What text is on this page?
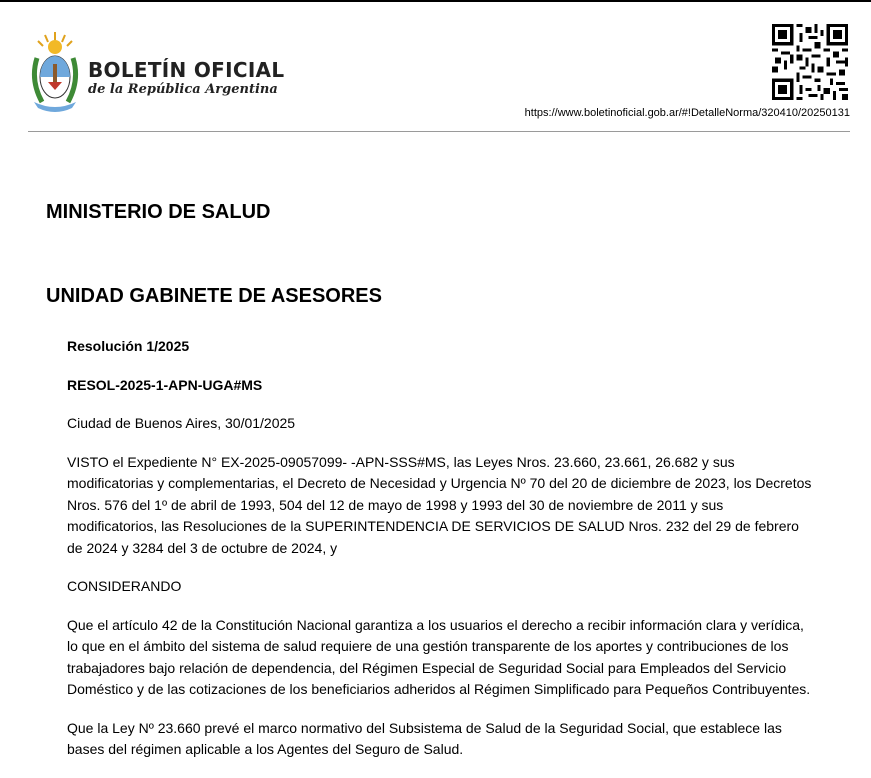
BOLETÍN OFICIAL
de la República Argentina
https://www.boletinoficial.gob.ar/#!DetalleNorma/320410/20250131
MINISTERIO DE SALUD
UNIDAD GABINETE DE ASESORES

Resolución 1/2025

RESOL-2025-1-APN-UGA#MS

Ciudad de Buenos Aires, 30/01/2025

VISTO el Expediente N° EX-2025-09057099- -APN-SSS#MS, las Leyes Nros. 23.660, 23.661, 26.682 y sus modificatorias y complementarias, el Decreto de Necesidad y Urgencia Nº 70 del 20 de diciembre de 2023, los Decretos Nros. 576 del 1º de abril de 1993, 504 del 12 de mayo de 1998 y 1993 del 30 de noviembre de 2011 y sus modificatorios, las Resoluciones de la SUPERINTENDENCIA DE SERVICIOS DE SALUD Nros. 232 del 29 de febrero de 2024 y 3284 del 3 de octubre de 2024, y

CONSIDERANDO

Que el artículo 42 de la Constitución Nacional garantiza a los usuarios el derecho a recibir información clara y verídica, lo que en el ámbito del sistema de salud requiere de una gestión transparente de los aportes y contribuciones de los trabajadores bajo relación de dependencia, del Régimen Especial de Seguridad Social para Empleados del Servicio Doméstico y de las cotizaciones de los beneficiarios adheridos al Régimen Simplificado para Pequeños Contribuyentes.

Que la Ley Nº 23.660 prevé el marco normativo del Subsistema de Salud de la Seguridad Social, que establece las bases del régimen aplicable a los Agentes del Seguro de Salud.
